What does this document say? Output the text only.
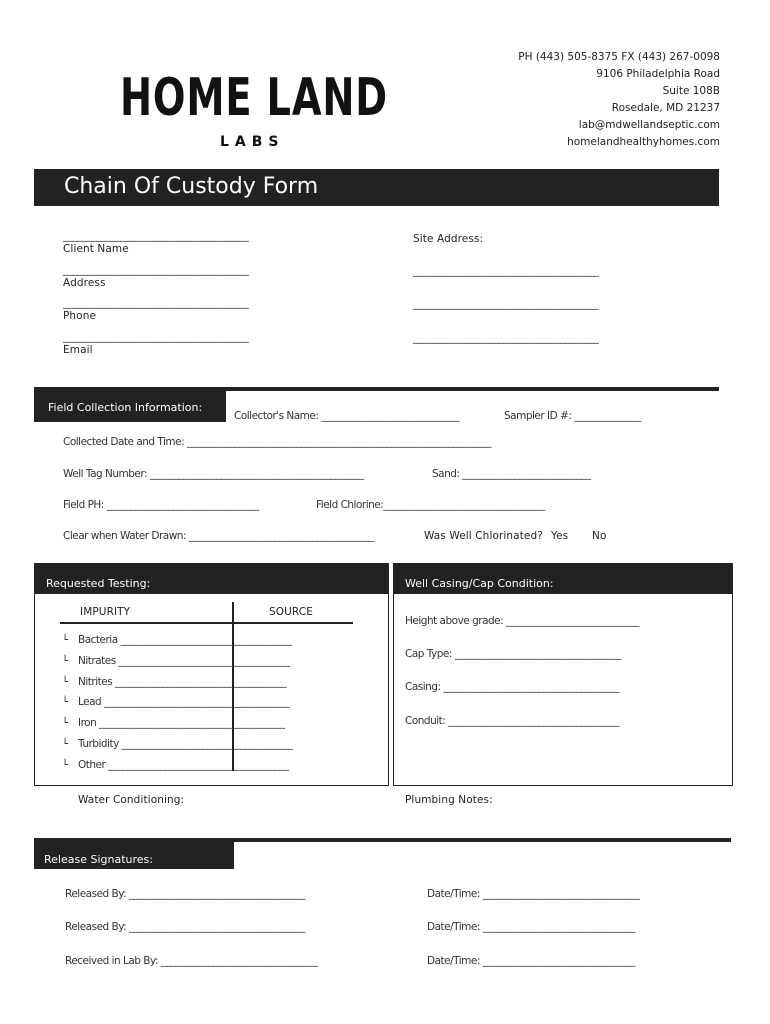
HOME LAND
LABS
PH (443) 505-8375 FX (443) 267-0098
9106 Philadelphia Road
Suite 108B
Rosedale, MD 21237
lab@mdwellandseptic.com
homelandhealthyhomes.com
Chain Of Custody Form
_______________________________________
Client Name
_______________________________________
Address
_______________________________________
Phone
_______________________________________
Email
Site Address:
_______________________________________
_______________________________________
_______________________________________
Field Collection Information:
Collector's Name: _____________________________	Sampler ID #: ______________
Collected Date and Time: ________________________________________________________________
Well Tag Number: _____________________________________________	Sand: ___________________________
Field PH: ________________________________	Field Chlorine:__________________________________
Clear when Water Drawn: _______________________________________	Was Well Chlorinated? Yes No
Requested Testing:
IMPURITY	SOURCE
└ Bacteria ____________________________________
└ Nitrates ____________________________________
└ Nitrites ____________________________________
└ Lead _______________________________________
└ Iron _______________________________________
└ Turbidity ____________________________________
└ Other ______________________________________
Water Conditioning:
Well Casing/Cap Condition:
Height above grade: ____________________________
Cap Type: ___________________________________
Casing: _____________________________________
Conduit: ____________________________________
Plumbing Notes:
Release Signatures:
Released By: _____________________________________	Date/Time: _________________________________
Released By: _____________________________________	Date/Time: ________________________________
Received in Lab By: _________________________________	Date/Time: ________________________________
